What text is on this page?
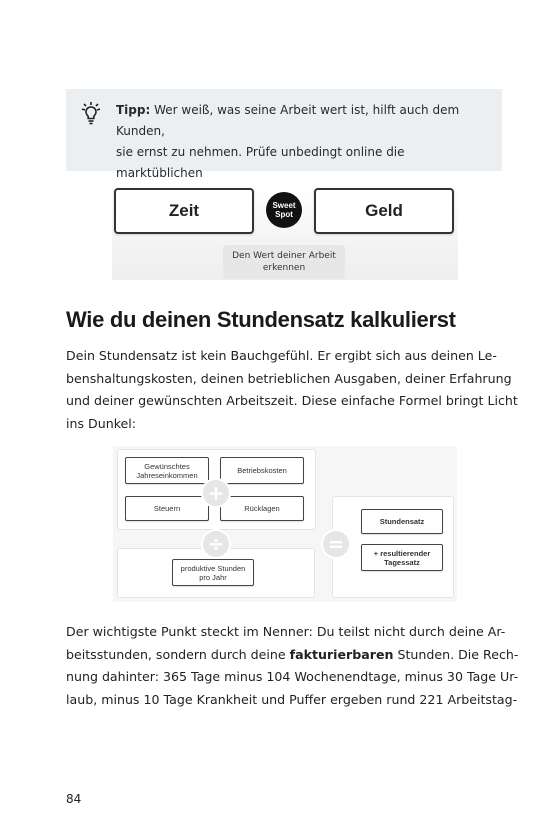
Tipp: Wer weiß, was seine Arbeit wert ist, hilft auch dem Kunden,
sie ernst zu nehmen. Prüfe unbedingt online die marktüblichen

Zeit	Geld
Sweet
Spot
Den Wert deiner Arbeit
erkennen
Wie du deinen Stundensatz kalkulierst
Dein Stundensatz ist kein Bauchgefühl. Er ergibt sich aus deinen Le-
benshaltungskosten, deinen betrieblichen Ausgaben, deiner Erfahrung
und deiner gewünschten Arbeitszeit. Diese einfache Formel bringt Licht
ins Dunkel:
Gewünschtes
Jahreseinkommen	Betriebskosten
Steuern	Rücklagen
produktive Stunden
pro Jahr
Stundensatz
+ resultierender
Tagessatz
+
÷	=
Der wichtigste Punkt steckt im Nenner: Du teilst nicht durch deine Ar-
beitsstunden, sondern durch deine fakturierbaren Stunden. Die Rech-
nung dahinter: 365 Tage minus 104 Wochenendtage, minus 30 Tage Ur-
laub, minus 10 Tage Krankheit und Puffer ergeben rund 221 Arbeitstag-
84
